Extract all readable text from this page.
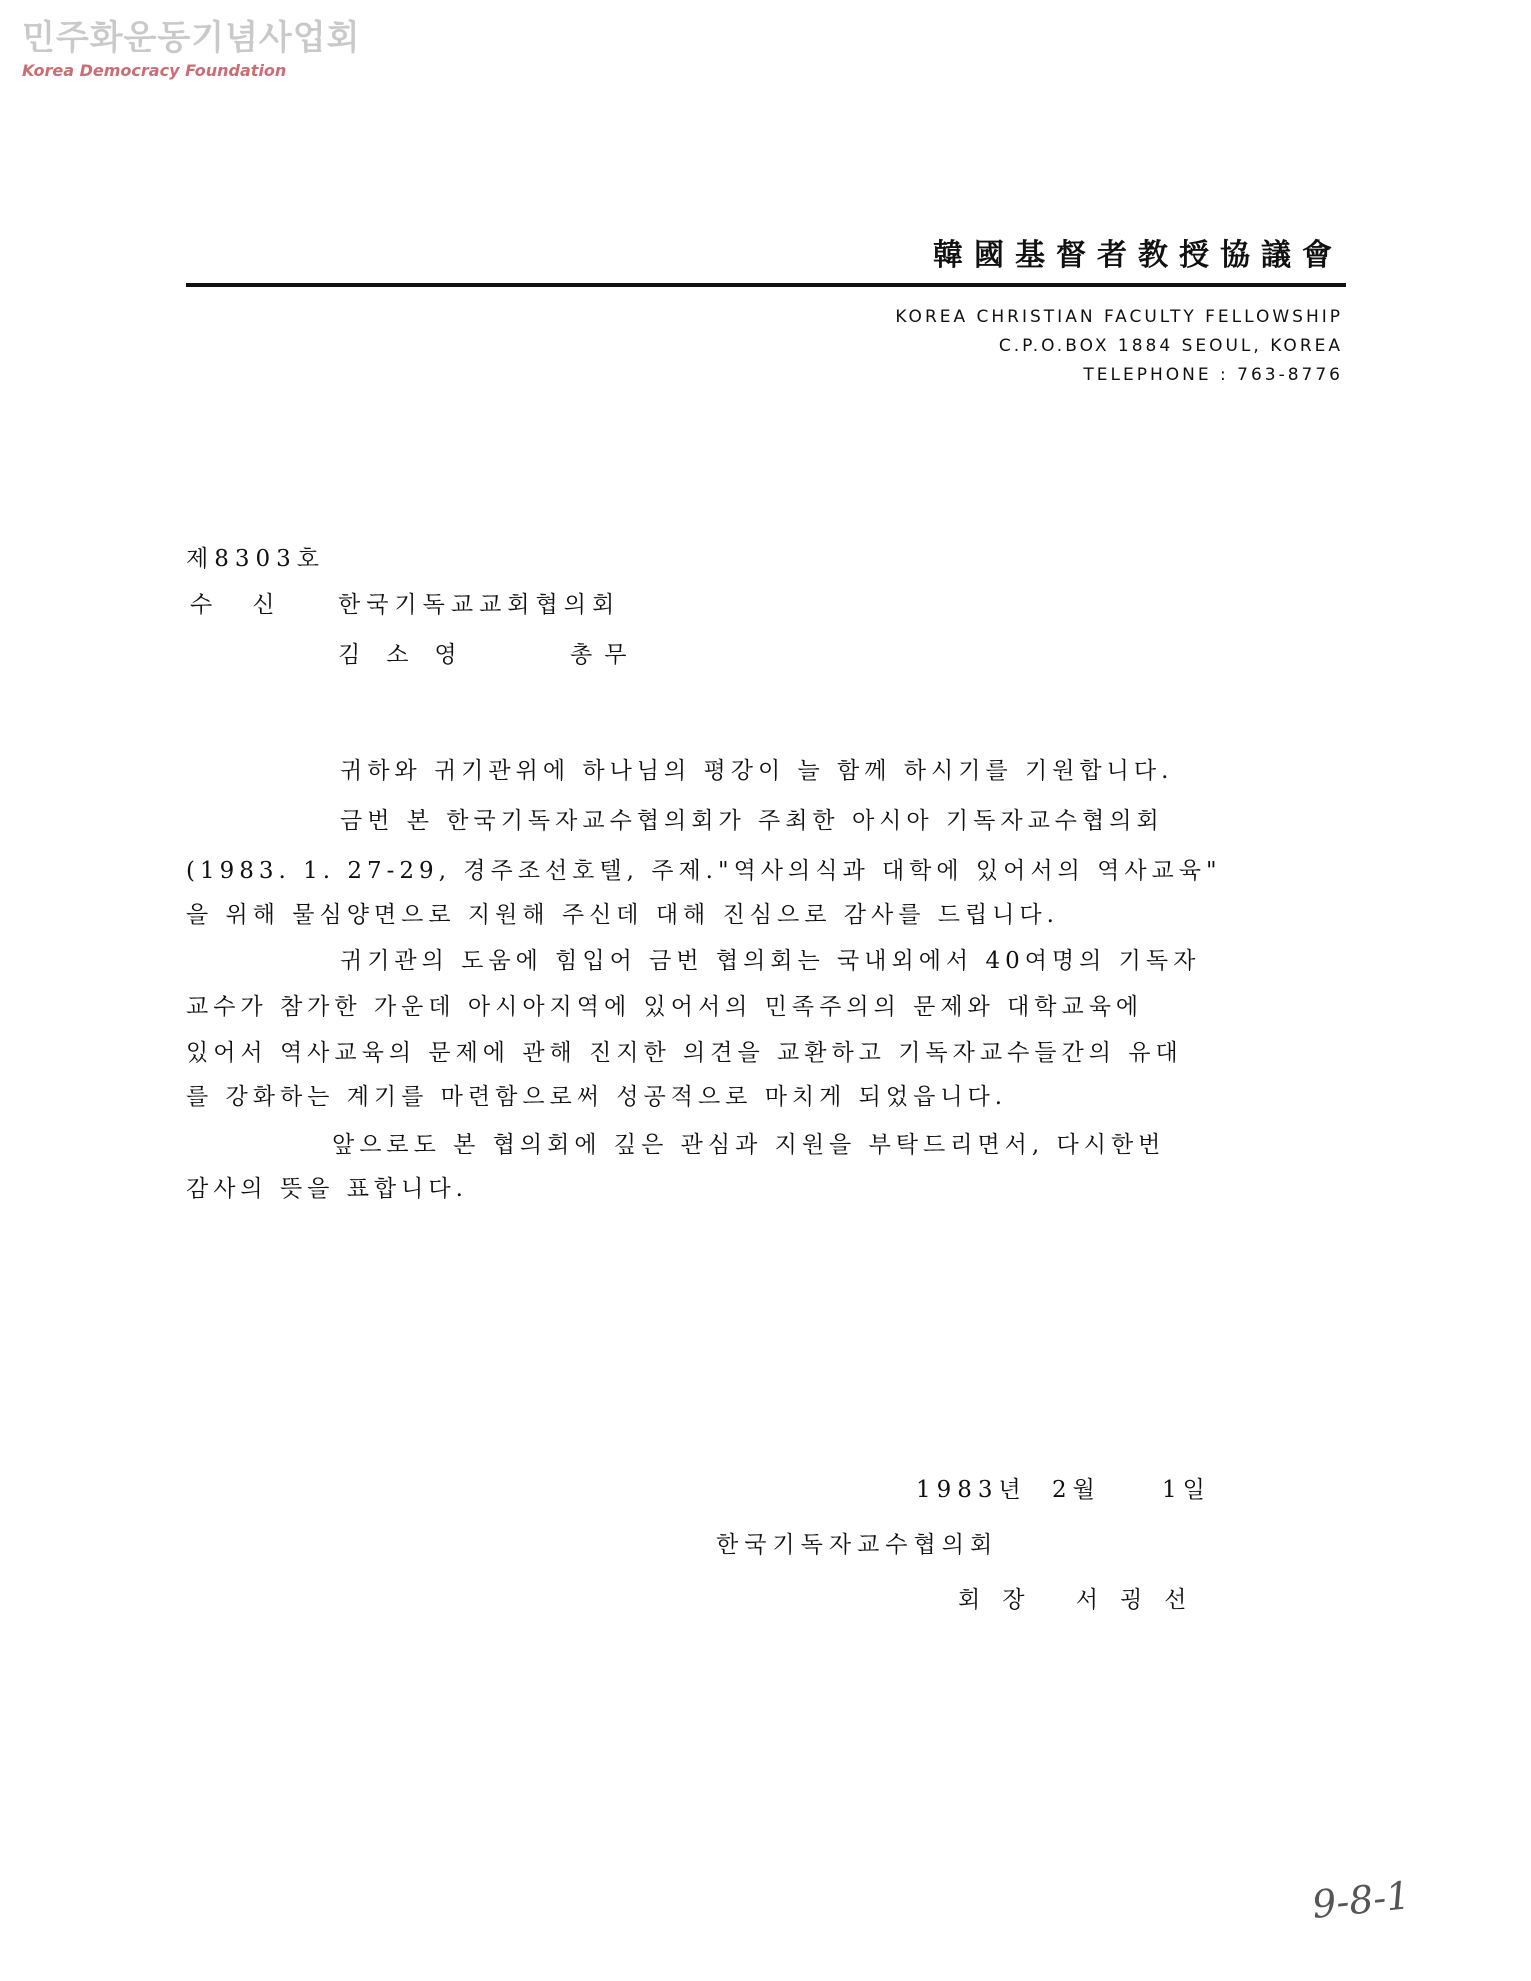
민주화운동기념사업회
Korea Democracy Foundation
韓國基督者教授協議會
KOREA CHRISTIAN FACULTY FELLOWSHIP
C.P.O.BOX 1884 SEOUL, KOREA
TELEPHONE : 763-8776
제8303호
수신 한국기독교교회협의회
김소영	총무
귀하와 귀기관위에 하나님의 평강이 늘 함께 하시기를 기원합니다.
금번 본 한국기독자교수협의회가 주최한 아시아 기독자교수협의회
(1983. 1. 27-29, 경주조선호텔, 주제."역사의식과 대학에 있어서의 역사교육"
을 위해 물심양면으로 지원해 주신데 대해 진심으로 감사를 드립니다.
귀기관의 도움에 힘입어 금번 협의회는 국내외에서 40여명의 기독자
교수가 참가한 가운데 아시아지역에 있어서의 민족주의의 문제와 대학교육에
있어서 역사교육의 문제에 관해 진지한 의견을 교환하고 기독자교수들간의 유대
를 강화하는 계기를 마련함으로써 성공적으로 마치게 되었읍니다.
앞으로도 본 협의회에 깊은 관심과 지원을 부탁드리면서, 다시한번
감사의 뜻을 표합니다.
1983년 2월	1일
한국기독자교수협의회
회장 서굉선
9-8-1
